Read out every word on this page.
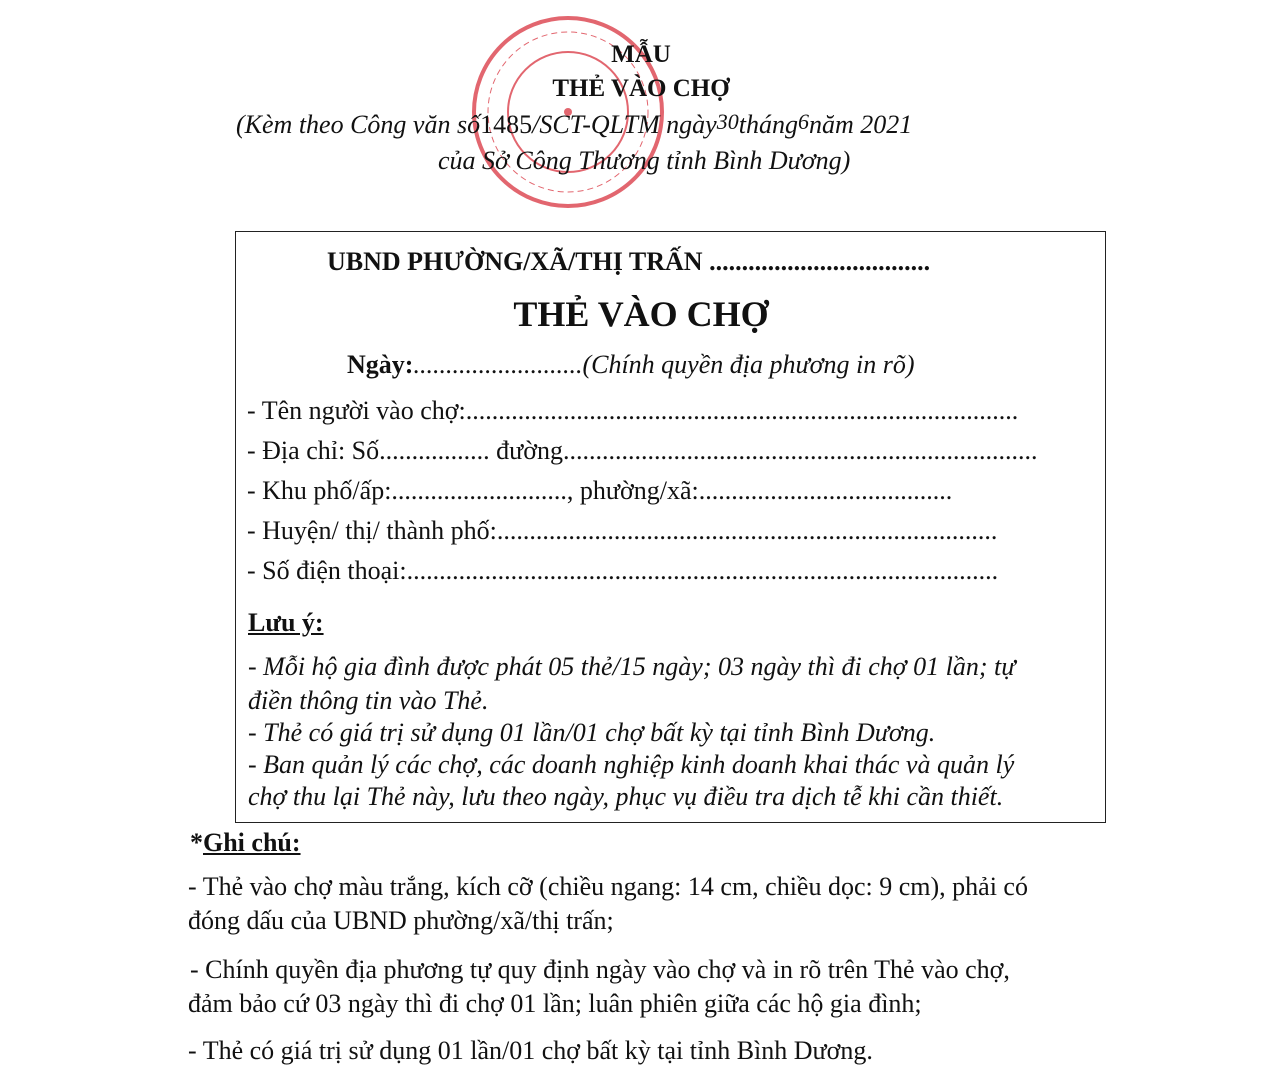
MẪU
THẺ VÀO CHỢ
(Kèm theo Công văn số 1485 /SCT-QLTM ngày 30 tháng 6 năm 2021
của Sở Công Thương tỉnh Bình Dương)
UBND PHƯỜNG/XÃ/THỊ TRẤN ..................................
THẺ VÀO CHỢ
Ngày: ..........................(Chính quyền địa phương in rõ)
- Tên người vào chợ:.....................................................................................
- Địa chỉ: Số................. đường.........................................................................
- Khu phố/ấp:..........................., phường/xã:.......................................
- Huyện/ thị/ thành phố:.............................................................................
- Số điện thoại:...........................................................................................
Lưu ý:
- Mỗi hộ gia đình được phát 05 thẻ/15 ngày; 03 ngày thì đi chợ 01 lần; tự
điền thông tin vào Thẻ.
- Thẻ có giá trị sử dụng 01 lần/01 chợ bất kỳ tại tỉnh Bình Dương.
- Ban quản lý các chợ, các doanh nghiệp kinh doanh khai thác và quản lý
chợ thu lại Thẻ này, lưu theo ngày, phục vụ điều tra dịch tễ khi cần thiết.
* Ghi chú:
- Thẻ vào chợ màu trắng, kích cỡ (chiều ngang: 14 cm, chiều dọc: 9 cm), phải có
đóng dấu của UBND phường/xã/thị trấn;
- Chính quyền địa phương tự quy định ngày vào chợ và in rõ trên Thẻ vào chợ,
đảm bảo cứ 03 ngày thì đi chợ 01 lần; luân phiên giữa các hộ gia đình;
- Thẻ có giá trị sử dụng 01 lần/01 chợ bất kỳ tại tỉnh Bình Dương.
